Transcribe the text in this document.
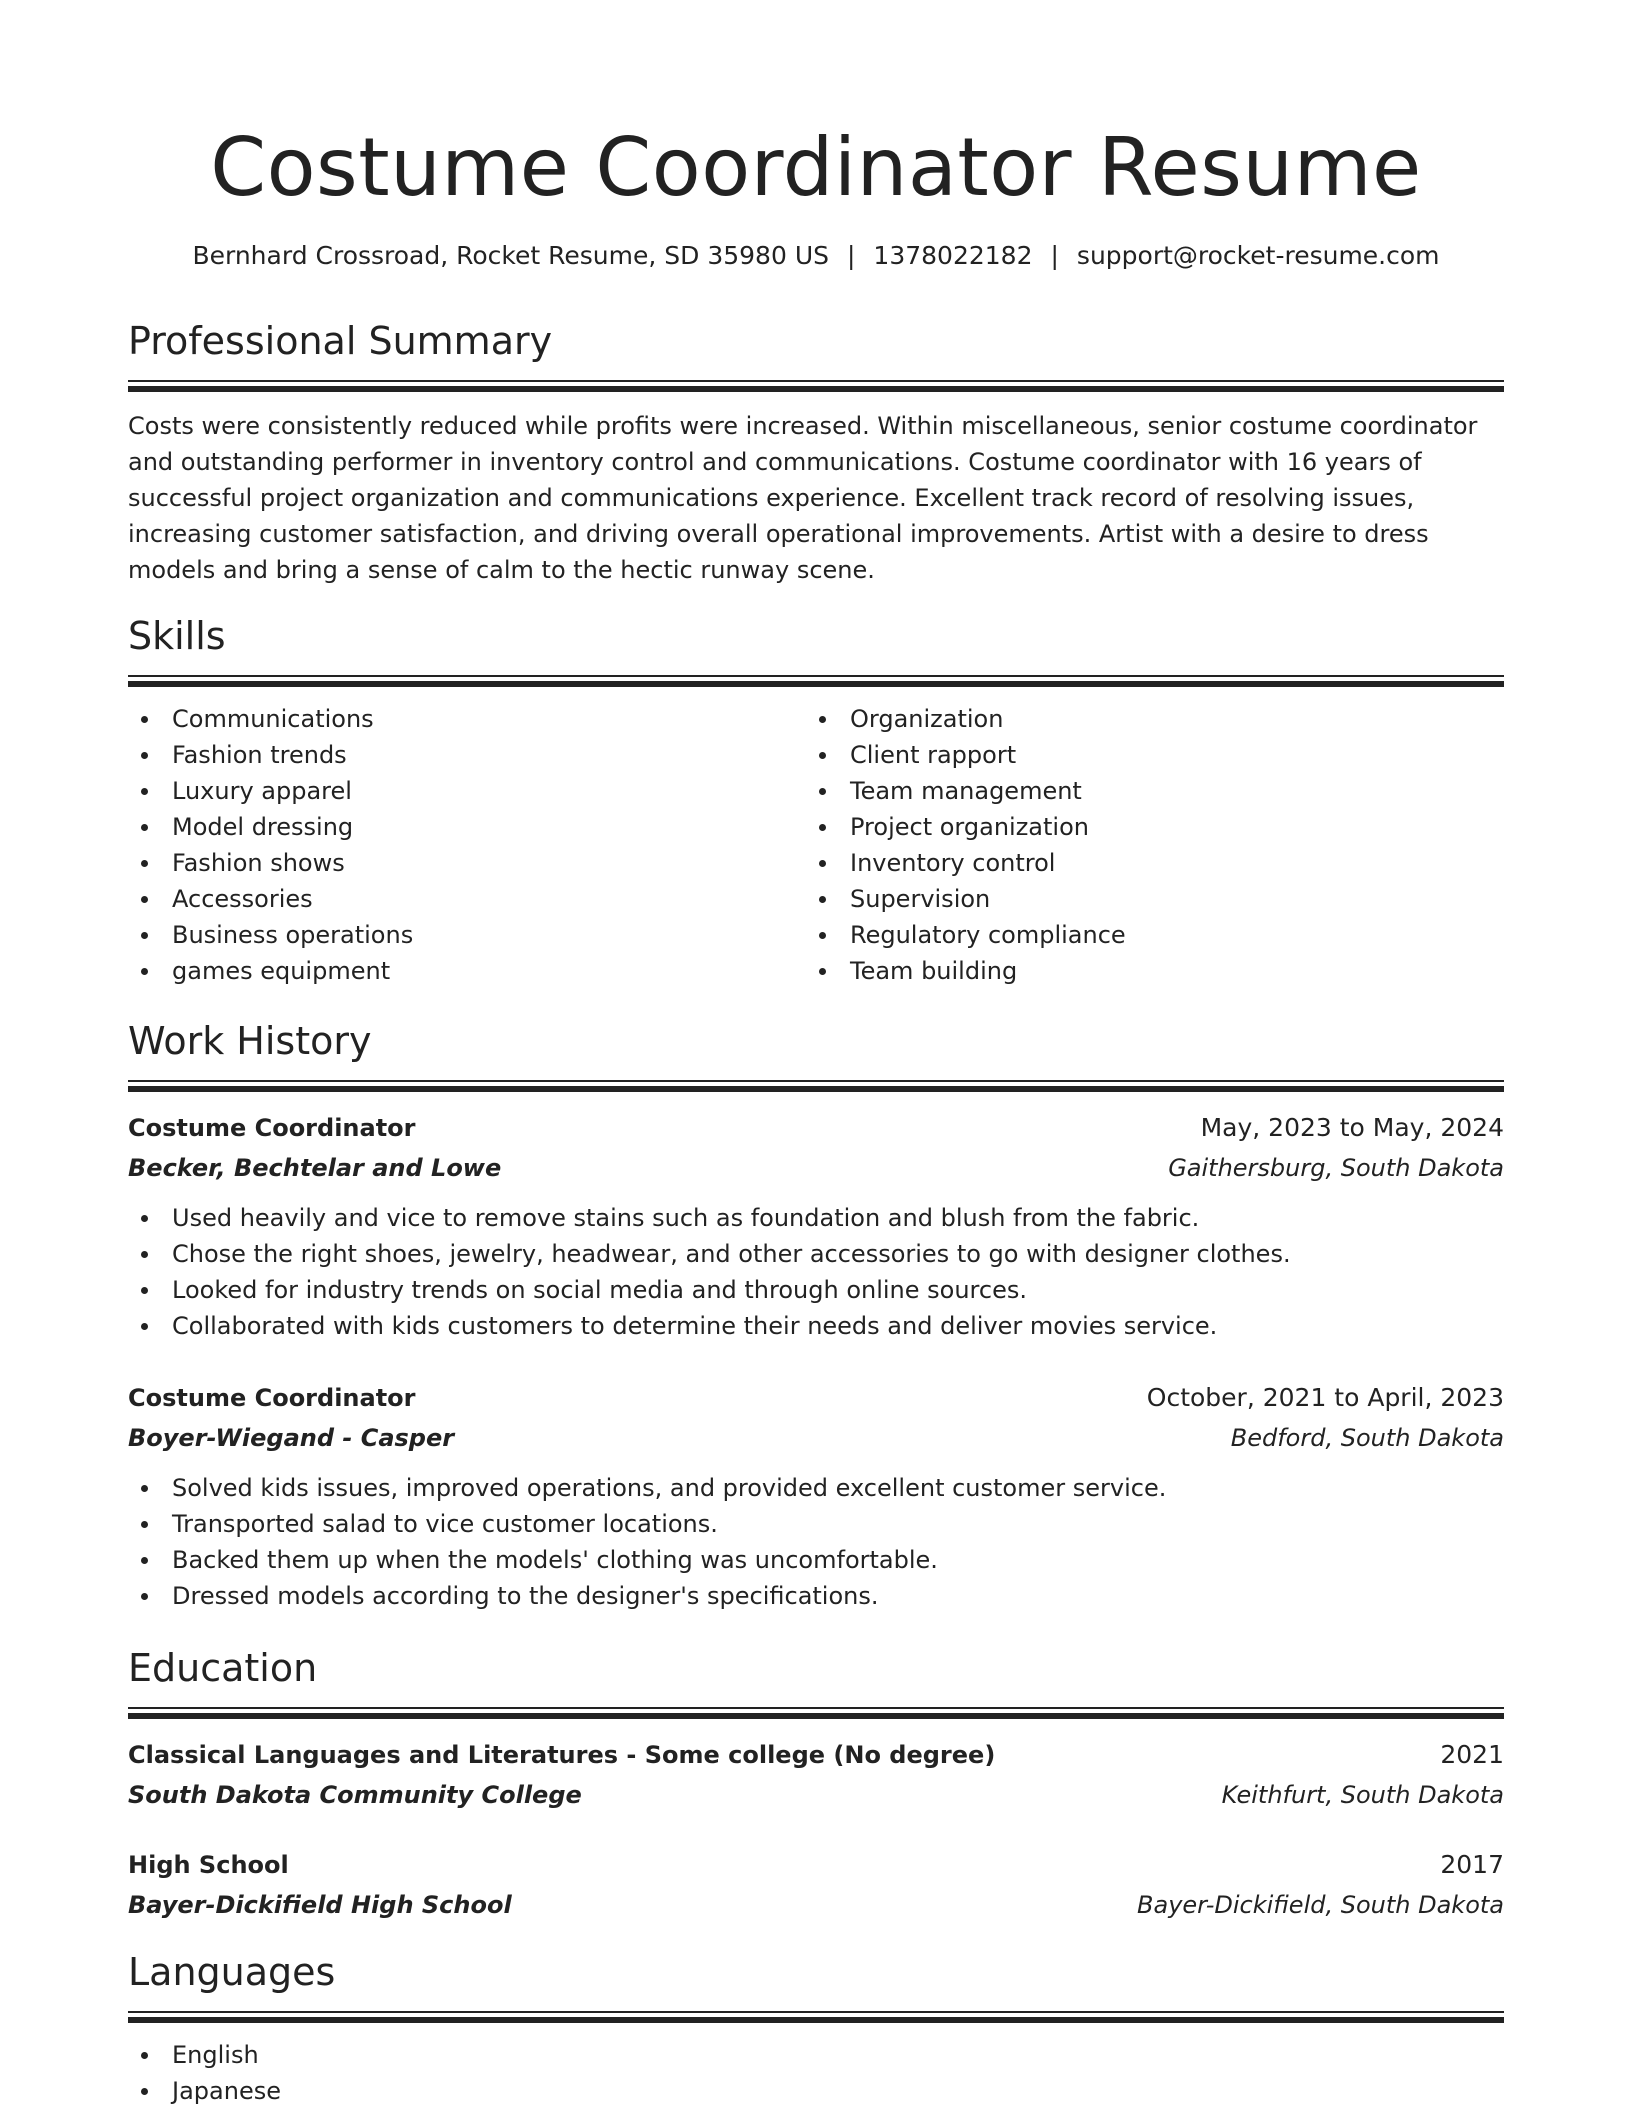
Costume Coordinator Resume
Bernhard Crossroad, Rocket Resume, SD 35980 US | 1378022182 | support@rocket-resume.com
Professional Summary

Costs were consistently reduced while profits were increased. Within miscellaneous, senior costume coordinator and outstanding performer in inventory control and communications. Costume coordinator with 16 years of successful project organization and communications experience. Excellent track record of resolving issues, increasing customer satisfaction, and driving overall operational improvements. Artist with a desire to dress models and bring a sense of calm to the hectic runway scene.

Skills
Communications
Fashion trends
Luxury apparel
Model dressing
Fashion shows
Accessories
Business operations
games equipment
Organization
Client rapport
Team management
Project organization
Inventory control
Supervision
Regulatory compliance
Team building
Work History
Costume Coordinator	May, 2023 to May, 2024
Becker, Bechtelar and Lowe	Gaithersburg, South Dakota
Used heavily and vice to remove stains such as foundation and blush from the fabric.
Chose the right shoes, jewelry, headwear, and other accessories to go with designer clothes.
Looked for industry trends on social media and through online sources.
Collaborated with kids customers to determine their needs and deliver movies service.
Costume Coordinator	October, 2021 to April, 2023
Boyer-Wiegand - Casper	Bedford, South Dakota
Solved kids issues, improved operations, and provided excellent customer service.
Transported salad to vice customer locations.
Backed them up when the models' clothing was uncomfortable.
Dressed models according to the designer's specifications.
Education
Classical Languages and Literatures - Some college (No degree)	2021
South Dakota Community College	Keithfurt, South Dakota
High School	2017
Bayer-Dickifield High School	Bayer-Dickifield, South Dakota
Languages
English
Japanese
